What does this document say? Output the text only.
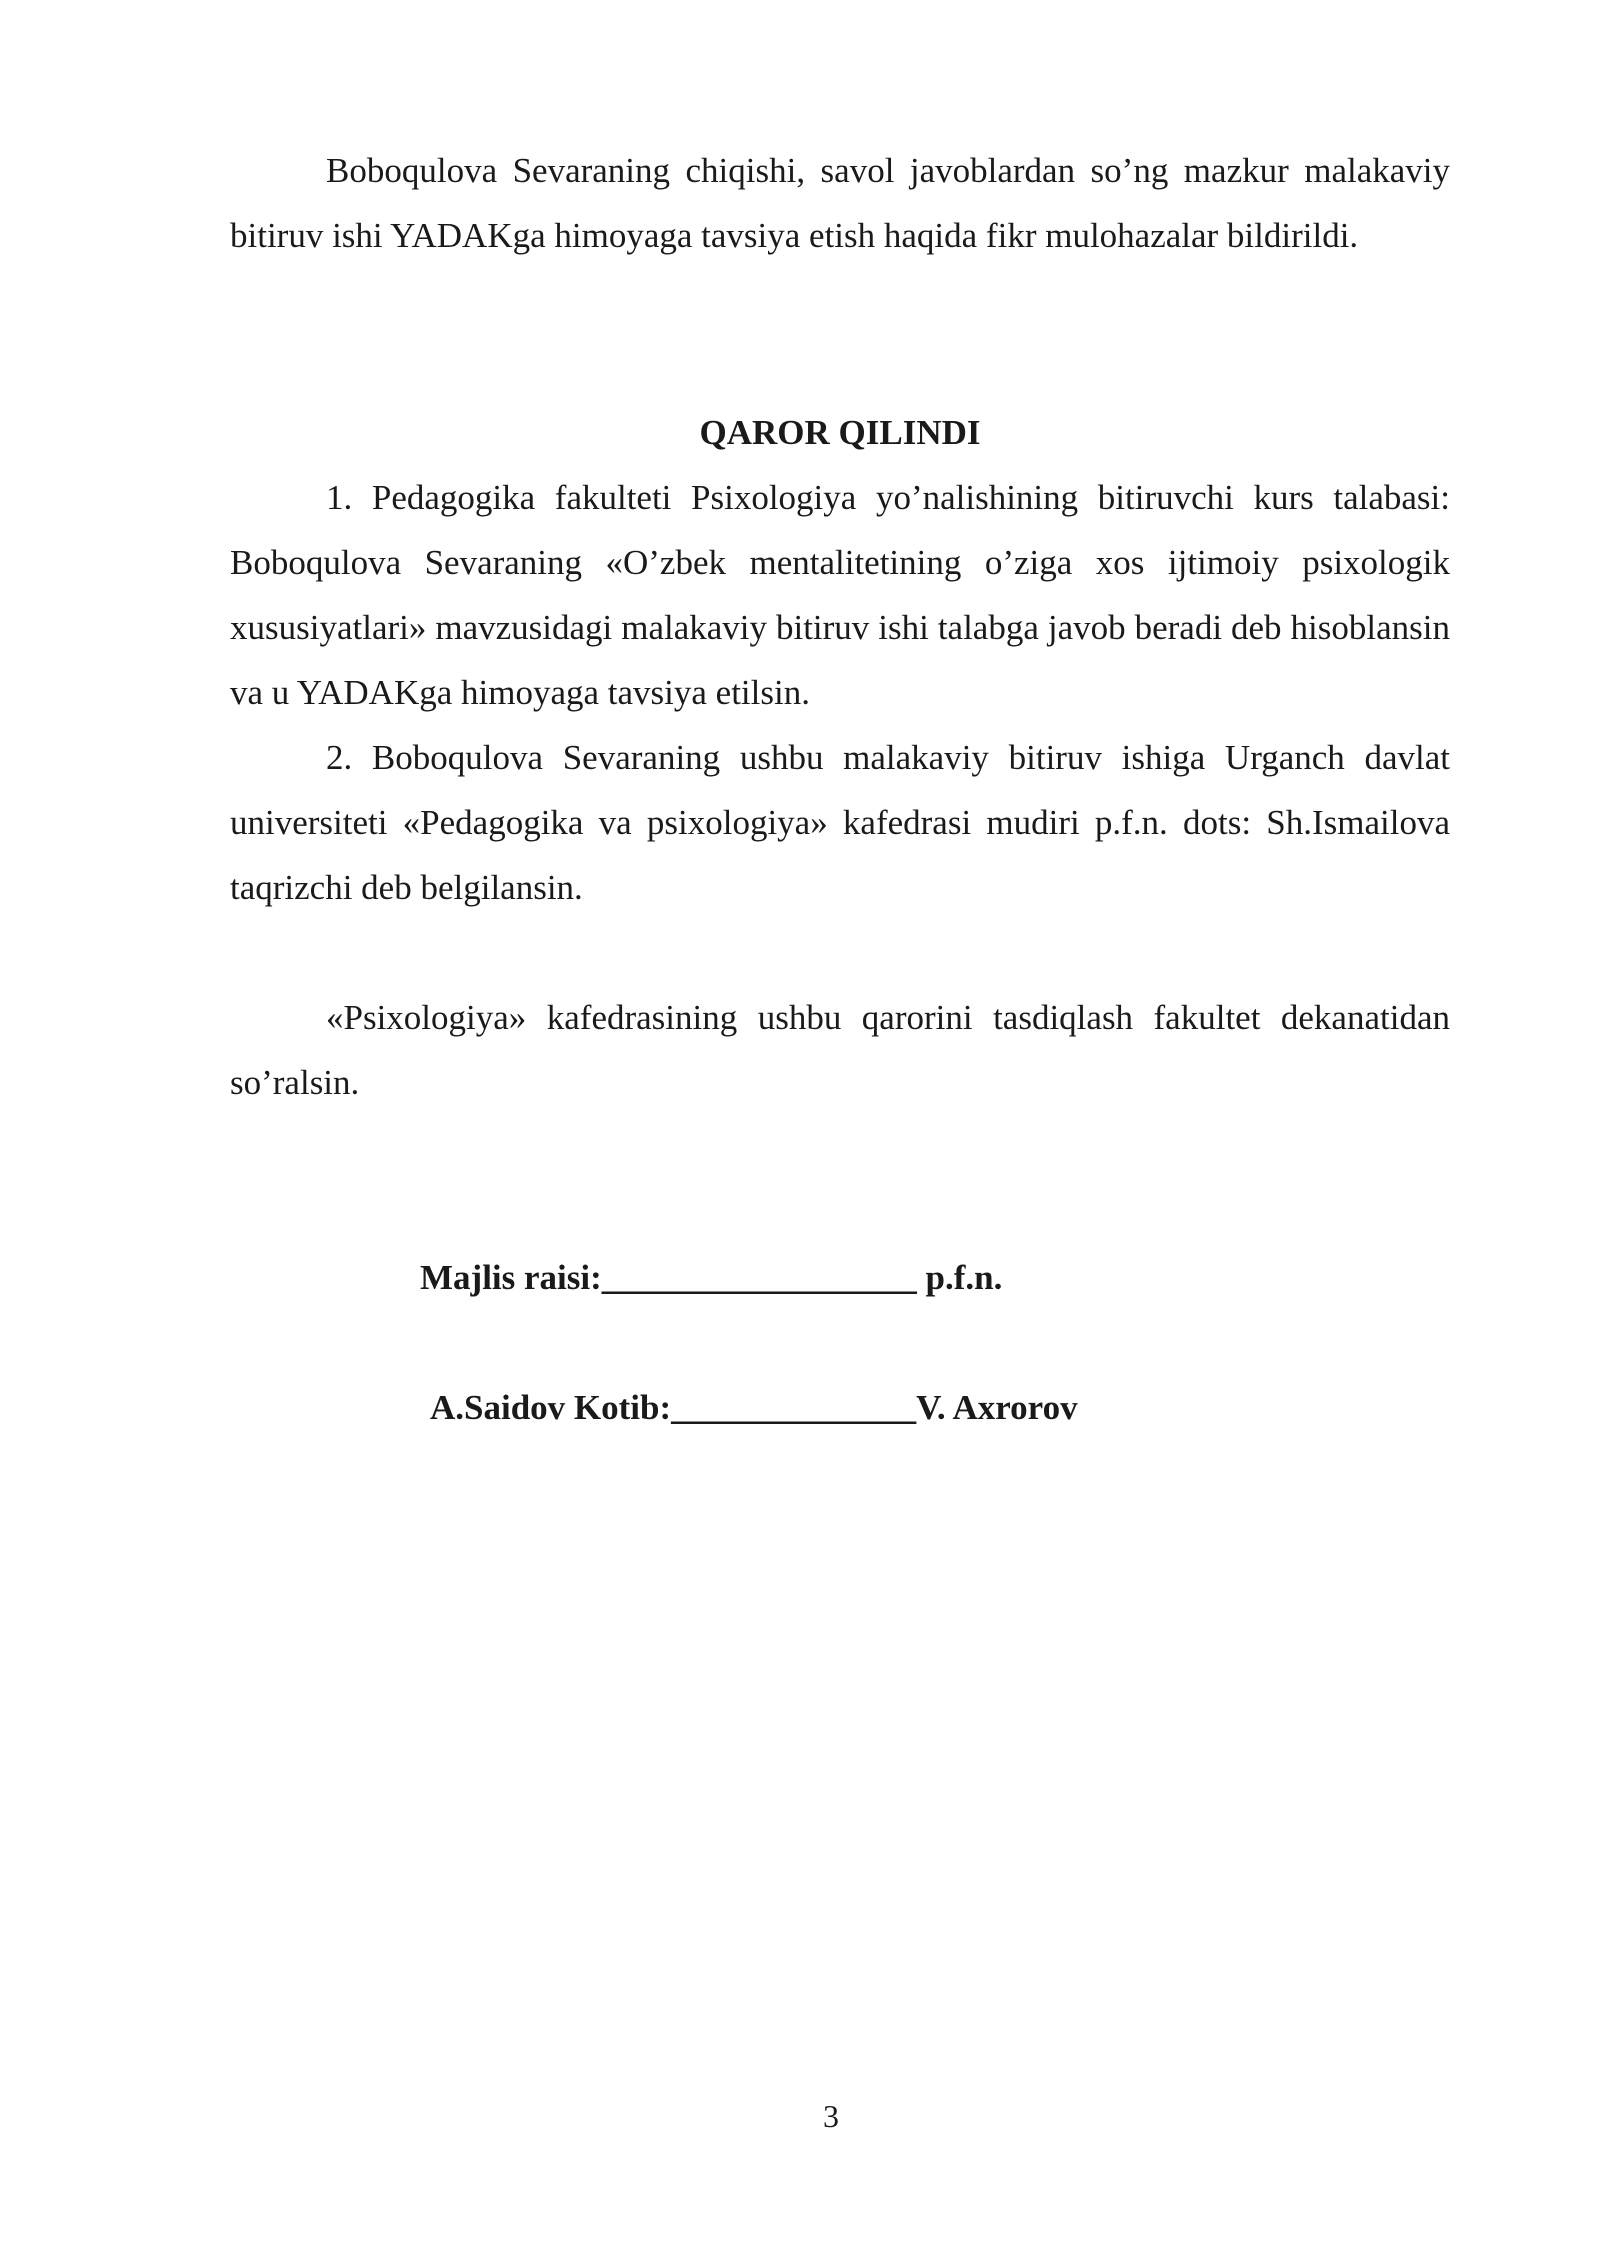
Boboqulova Sevaraning chiqishi, savol javoblardan so’ng mazkur malakaviy bitiruv ishi YADAKga himoyaga tavsiya etish haqida fikr mulohazalar bildirildi.

QAROR QILINDI

1. Pedagogika fakulteti Psixologiya yo’nalishining bitiruvchi kurs talabasi: Boboqulova Sevaraning «O’zbek mentalitetining o’ziga xos ijtimoiy psixologik xususiyatlari» mavzusidagi malakaviy bitiruv ishi talabga javob beradi deb hisoblansin va u YADAKga himoyaga tavsiya etilsin.

2. Boboqulova Sevaraning ushbu malakaviy bitiruv ishiga Urganch davlat universiteti «Pedagogika va psixologiya» kafedrasi mudiri p.f.n. dots: Sh.Ismailova taqrizchi deb belgilansin.

«Psixologiya» kafedrasining ushbu qarorini tasdiqlash fakultet dekanatidan so’ralsin.

Majlis raisi:__________________ p.f.n.
A.Saidov Kotib:______________V. Axrorov
3
